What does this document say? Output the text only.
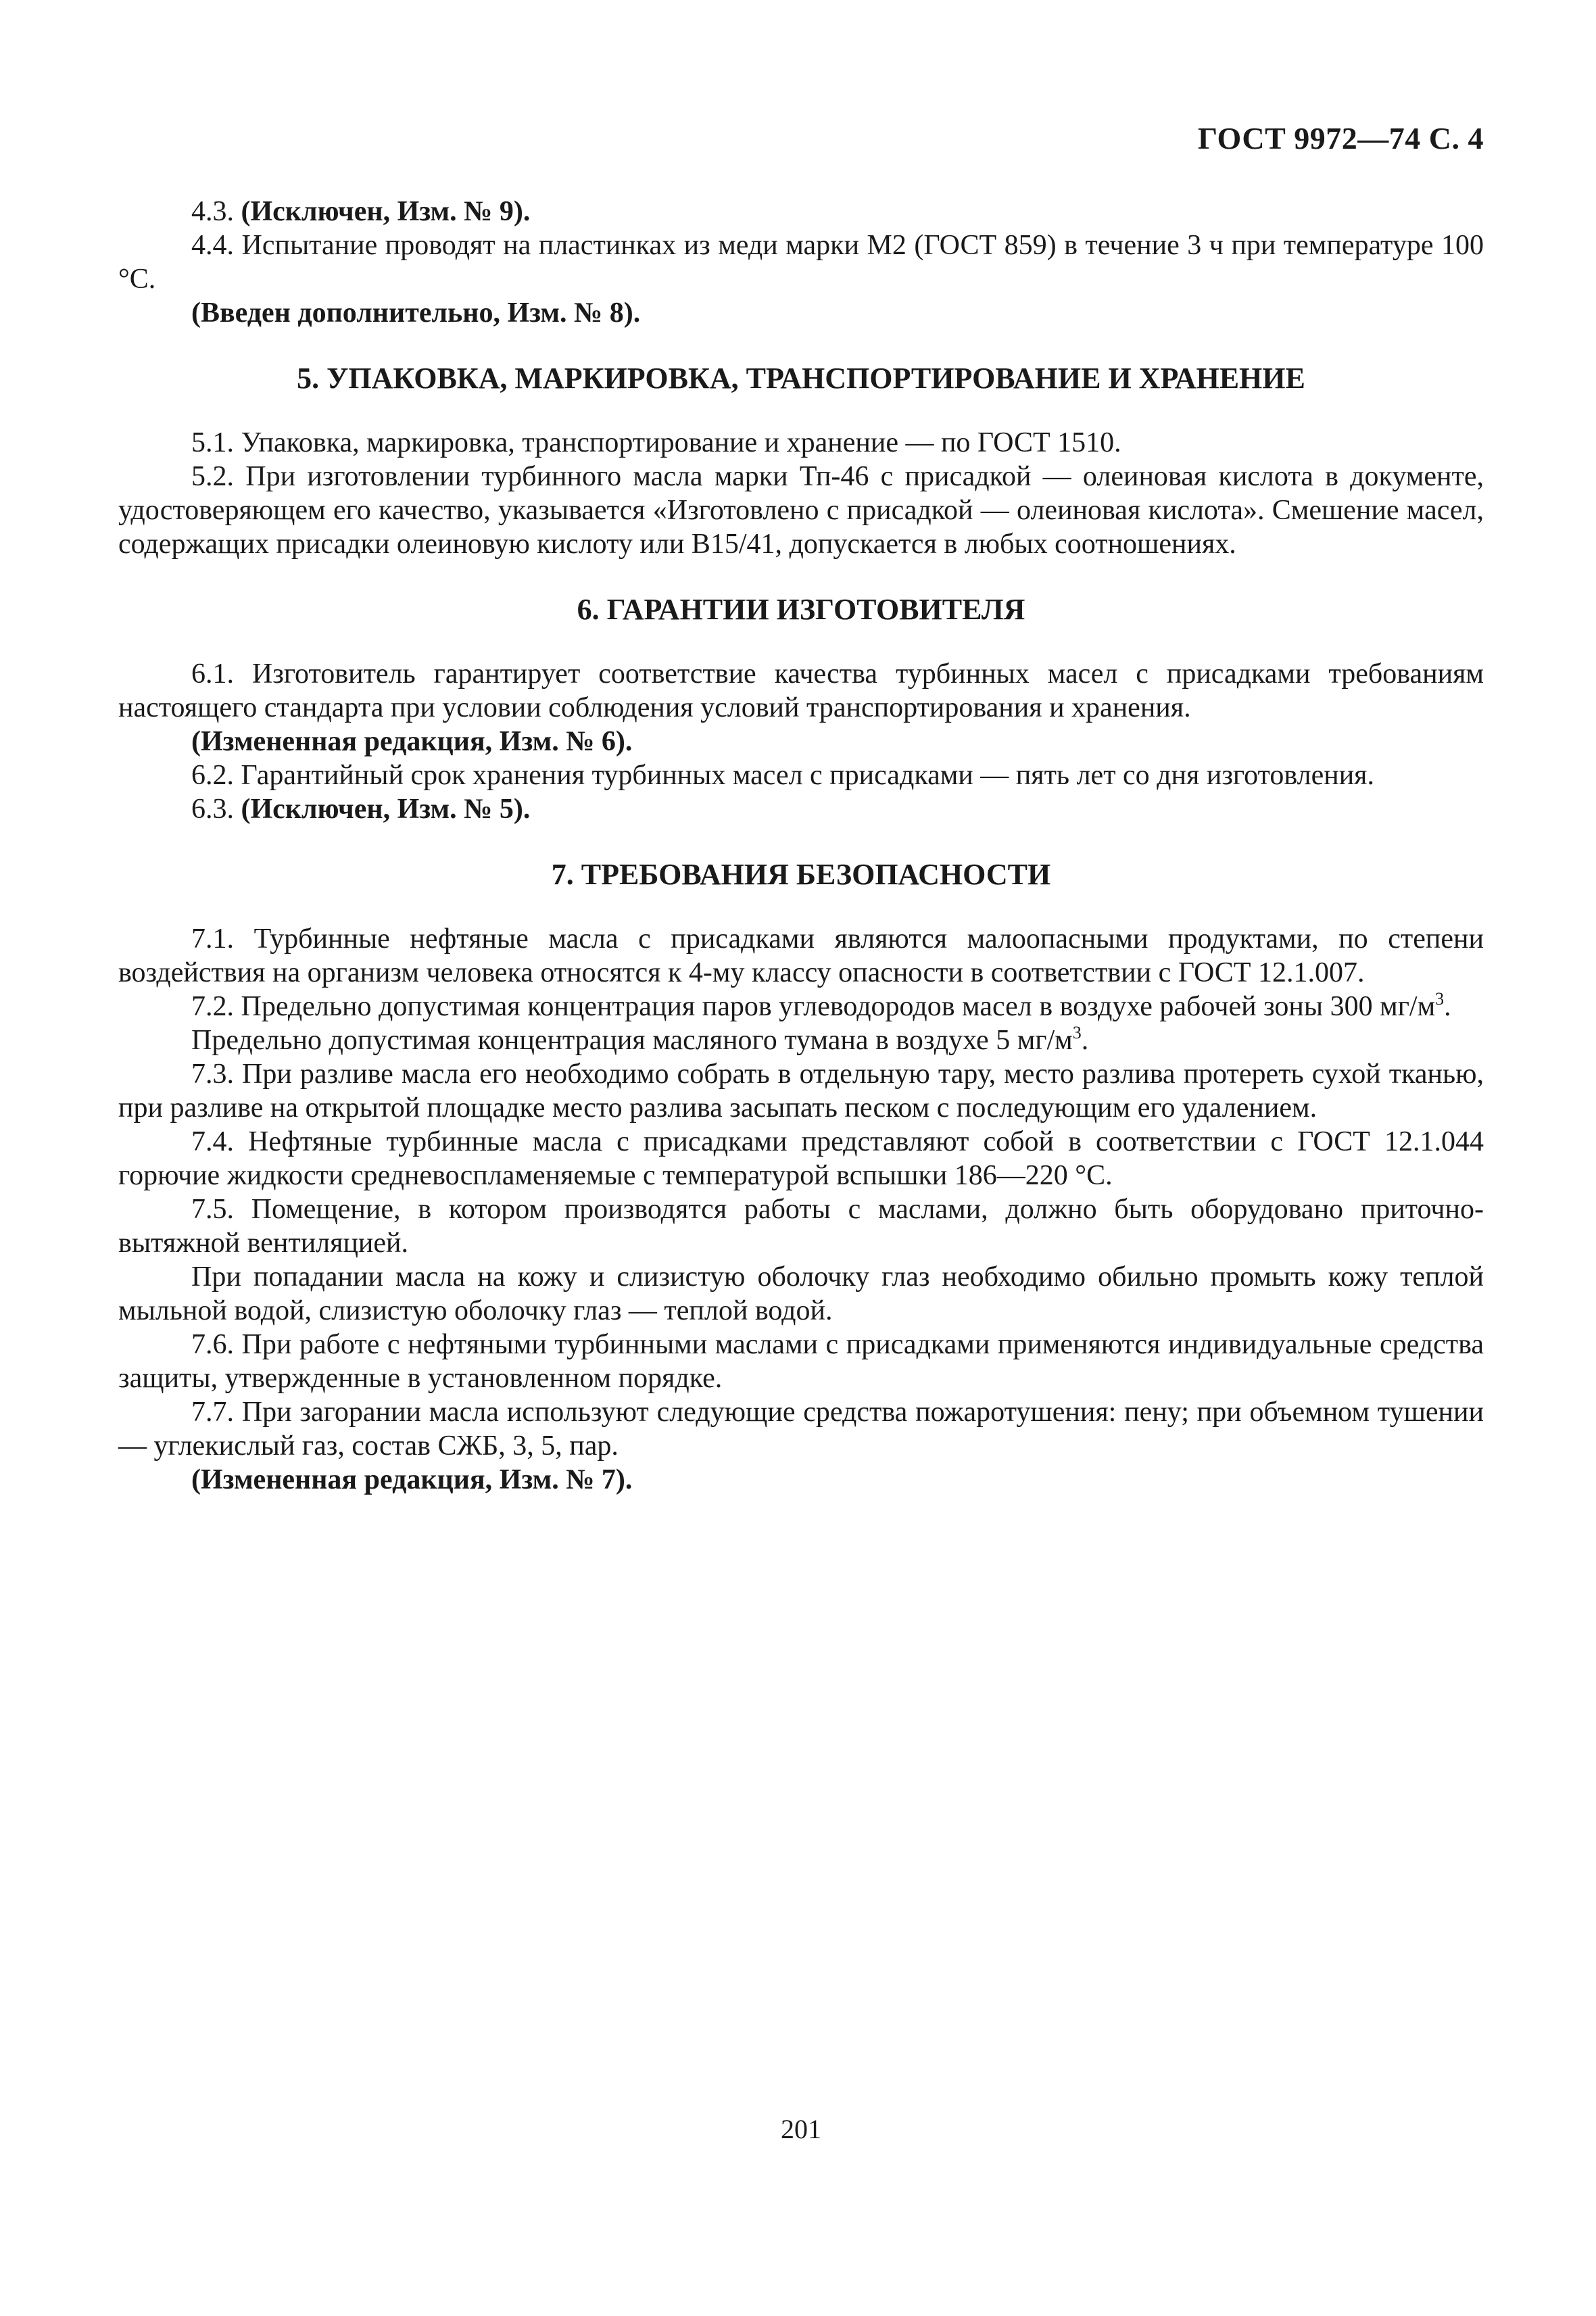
ГОСТ 9972—74 С. 4

4.3. (Исключен, Изм. № 9).

4.4. Испытание проводят на пластинках из меди марки М2 (ГОСТ 859) в течение 3 ч при температуре 100 °С.

(Введен дополнительно, Изм. № 8).

5. УПАКОВКА, МАРКИРОВКА, ТРАНСПОРТИРОВАНИЕ И ХРАНЕНИЕ

5.1. Упаковка, маркировка, транспортирование и хранение — по ГОСТ 1510.

5.2. При изготовлении турбинного масла марки Тп-46 с присадкой — олеиновая кислота в документе, удостоверяющем его качество, указывается «Изготовлено с присадкой — олеиновая кислота». Смешение масел, содержащих присадки олеиновую кислоту или В15/41, допускается в любых соотношениях.

6. ГАРАНТИИ ИЗГОТОВИТЕЛЯ

6.1. Изготовитель гарантирует соответствие качества турбинных масел с присадками требованиям настоящего стандарта при условии соблюдения условий транспортирования и хранения.

(Измененная редакция, Изм. № 6).

6.2. Гарантийный срок хранения турбинных масел с присадками — пять лет со дня изготовления.

6.3. (Исключен, Изм. № 5).

7. ТРЕБОВАНИЯ БЕЗОПАСНОСТИ

7.1. Турбинные нефтяные масла с присадками являются малоопасными продуктами, по степени воздействия на организм человека относятся к 4-му классу опасности в соответствии с ГОСТ 12.1.007.

7.2. Предельно допустимая концентрация паров углеводородов масел в воздухе рабочей зоны 300 $мг/м^3$.

Предельно допустимая концентрация масляного тумана в воздухе 5 $мг/м^3$.

7.3. При разливе масла его необходимо собрать в отдельную тару, место разлива протереть сухой тканью, при разливе на открытой площадке место разлива засыпать песком с последующим его удалением.

7.4. Нефтяные турбинные масла с присадками представляют собой в соответствии с ГОСТ 12.1.044 горючие жидкости средневоспламеняемые с температурой вспышки 186—220 °С.

7.5. Помещение, в котором производятся работы с маслами, должно быть оборудовано приточно-вытяжной вентиляцией.

При попадании масла на кожу и слизистую оболочку глаз необходимо обильно промыть кожу теплой мыльной водой, слизистую оболочку глаз — теплой водой.

7.6. При работе с нефтяными турбинными маслами с присадками применяются индивидуальные средства защиты, утвержденные в установленном порядке.

7.7. При загорании масла используют следующие средства пожаротушения: пену; при объемном тушении — углекислый газ, состав СЖБ, 3, 5, пар.

(Измененная редакция, Изм. № 7).

201
